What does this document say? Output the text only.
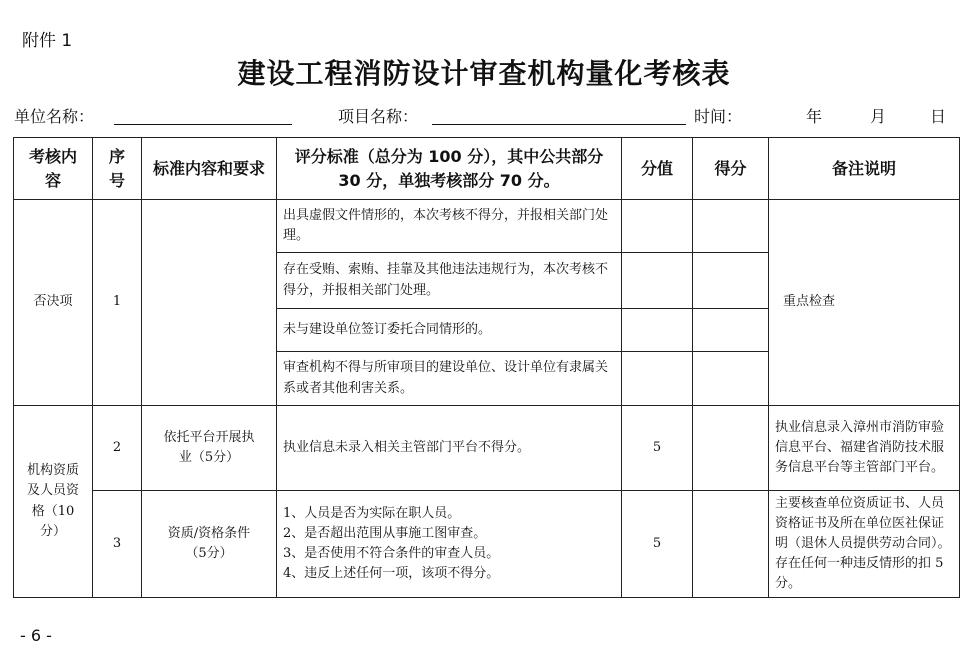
附件 1
建设工程消防设计审查机构量化考核表
单位名称：	项目名称：	时间：	年	月	日
考核内容	序号	标准内容和要求	评分标准（总分为 100 分），其中公共部分 30 分，单独考核部分 70 分。	分值	得分	备注说明
否决项	1		出具虚假文件情形的，本次考核不得分，并报相关部门处理。			重点检查
			存在受贿、索贿、挂靠及其他违法违规行为，本次考核不得分，并报相关部门处理。			
			未与建设单位签订委托合同情形的。			
			审查机构不得与所审项目的建设单位、设计单位有隶属关系或者其他利害关系。			
机构资质及人员资格（10分）	2	依托平台开展执业（5分）	执业信息未录入相关主管部门平台不得分。	5		执业信息录入漳州市消防审验信息平台、福建省消防技术服务信息平台等主管部门平台。
	3	资质/资格条件（5分）	1、人员是否为实际在职人员。
2、是否超出范围从事施工图审查。
3、是否使用不符合条件的审查人员。
4、违反上述任何一项，该项不得分。	5		主要核查单位资质证书、人员资格证书及所在单位医社保证明（退休人员提供劳动合同）。存在任何一种违反情形的扣 5 分。
- 6 -
